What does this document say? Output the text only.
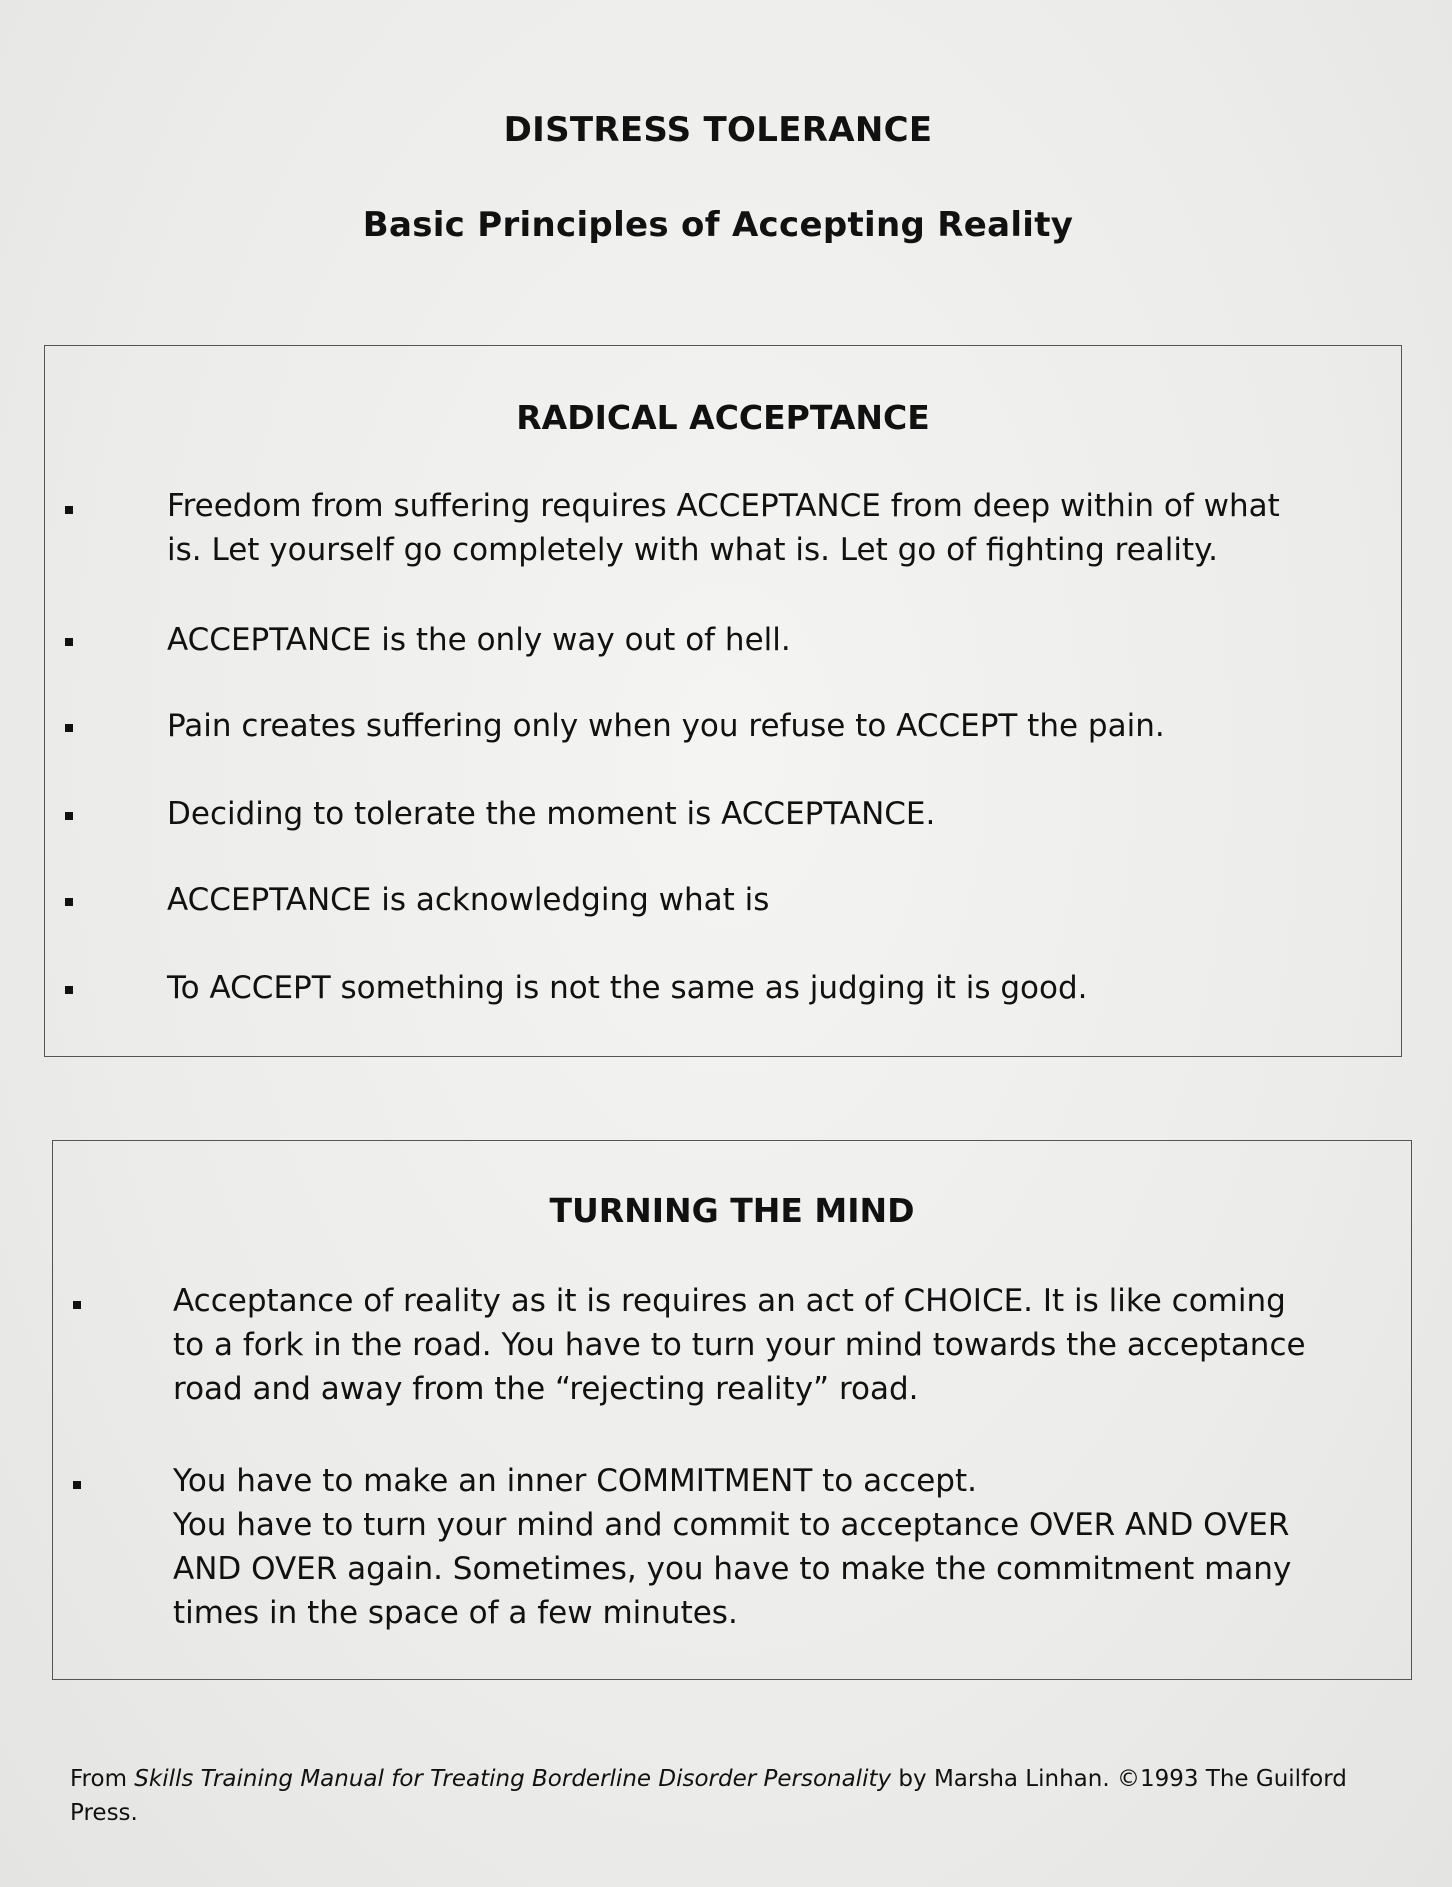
DISTRESS TOLERANCE
Basic Principles of Accepting Reality
RADICAL ACCEPTANCE
Freedom from suffering requires ACCEPTANCE from deep within of what
is. Let yourself go completely with what is. Let go of fighting reality.
ACCEPTANCE is the only way out of hell.
Pain creates suffering only when you refuse to ACCEPT the pain.
Deciding to tolerate the moment is ACCEPTANCE.
ACCEPTANCE is acknowledging what is
To ACCEPT something is not the same as judging it is good.
TURNING THE MIND
Acceptance of reality as it is requires an act of CHOICE. It is like coming
to a fork in the road. You have to turn your mind towards the acceptance
road and away from the “rejecting reality” road.
You have to make an inner COMMITMENT to accept.
You have to turn your mind and commit to acceptance OVER AND OVER
AND OVER again. Sometimes, you have to make the commitment many
times in the space of a few minutes.
From Skills Training Manual for Treating Borderline Disorder Personality by Marsha Linhan. ©1993 The Guilford
Press.
